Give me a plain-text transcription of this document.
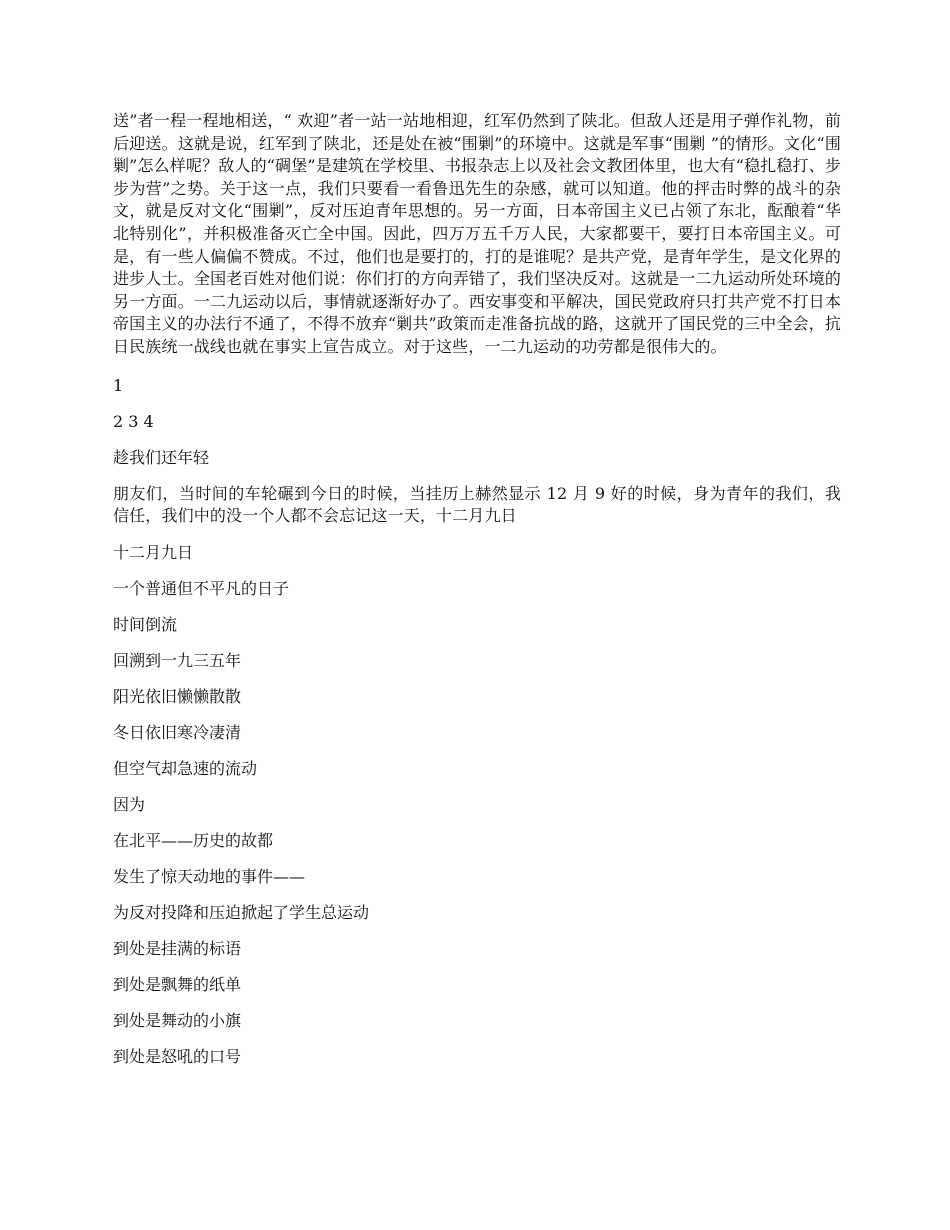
送”者一程一程地相送，“ 欢迎”者一站一站地相迎，红军仍然到了陕北。但敌人还是用子弹作礼物，前后迎送。这就是说，红军到了陕北，还是处在被“围剿”的环境中。这就是军事“围剿 ”的情形。文化“围剿”怎么样呢？敌人的“碉堡”是建筑在学校里、书报杂志上以及社会文教团体里，也大有“稳扎稳打、步步为营”之势。关于这一点，我们只要看一看鲁迅先生的杂感，就可以知道。他的抨击时弊的战斗的杂文，就是反对文化“围剿”，反对压迫青年思想的。另一方面，日本帝国主义已占领了东北，酝酿着“华北特别化”，并积极准备灭亡全中国。因此，四万万五千万人民，大家都要干，要打日本帝国主义。可是，有一些人偏偏不赞成。不过，他们也是要打的，打的是谁呢？是共产党，是青年学生，是文化界的进步人士。全国老百姓对他们说：你们打的方向弄错了，我们坚决反对。这就是一二九运动所处环境的另一方面。一二九运动以后，事情就逐渐好办了。西安事变和平解决，国民党政府只打共产党不打日本帝国主义的办法行不通了，不得不放弃“剿共”政策而走准备抗战的路，这就开了国民党的三中全会，抗日民族统一战线也就在事实上宣告成立。对于这些，一二九运动的功劳都是很伟大的。

1

2 3 4

趁我们还年轻

朋友们，当时间的车轮碾到今日的时候，当挂历上赫然显示 12 月 9 好的时候，身为青年的我们，我信任，我们中的没一个人都不会忘记这一天，十二月九日

十二月九日

一个普通但不平凡的日子

时间倒流

回溯到一九三五年

阳光依旧懒懒散散

冬日依旧寒冷凄清

但空气却急速的流动

因为

在北平——历史的故都

发生了惊天动地的事件——

为反对投降和压迫掀起了学生总运动

到处是挂满的标语

到处是飘舞的纸单

到处是舞动的小旗

到处是怒吼的口号
